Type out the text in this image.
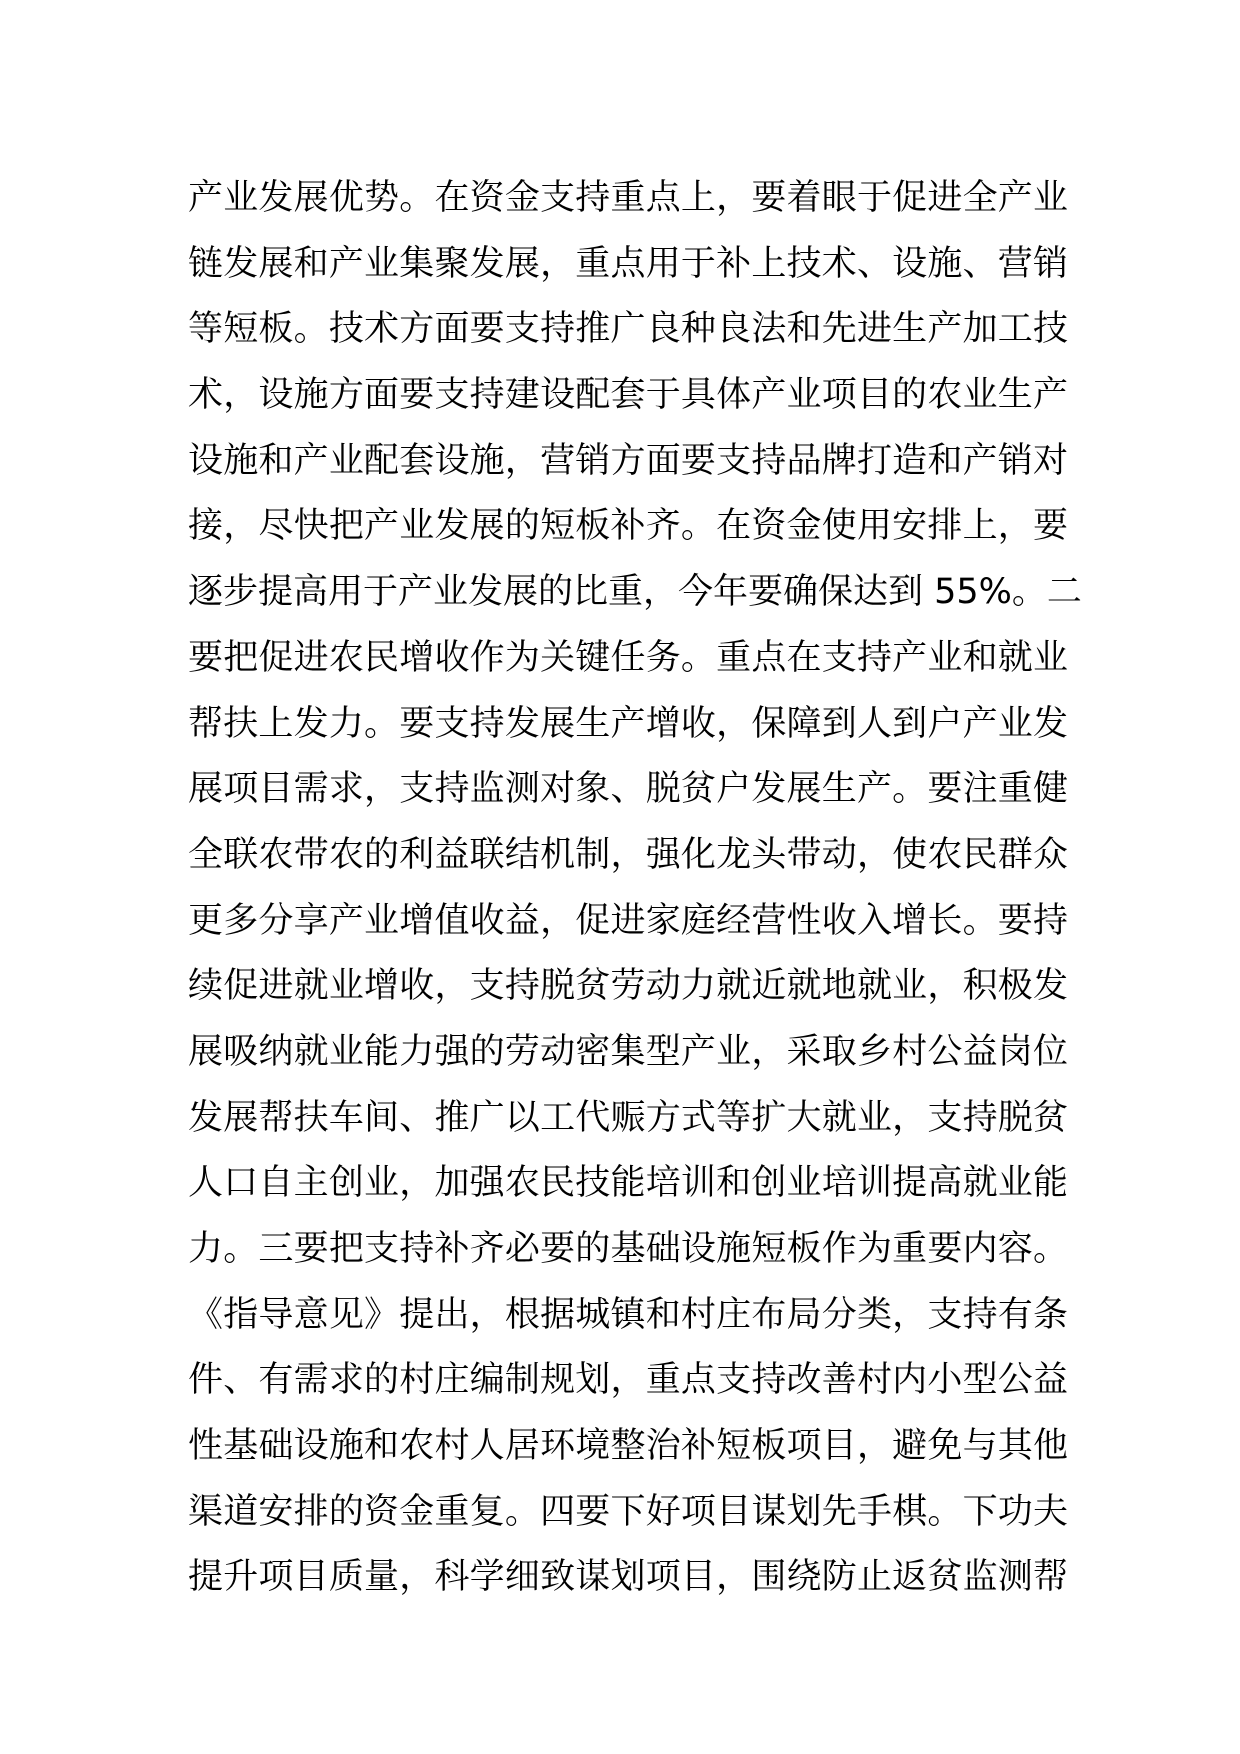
产业发展优势。在资金支持重点上，要着眼于促进全产业
链发展和产业集聚发展，重点用于补上技术、设施、营销
等短板。技术方面要支持推广良种良法和先进生产加工技
术，设施方面要支持建设配套于具体产业项目的农业生产
设施和产业配套设施，营销方面要支持品牌打造和产销对
接，尽快把产业发展的短板补齐。在资金使用安排上，要
逐步提高用于产业发展的比重，今年要确保达到 55%。二
要把促进农民增收作为关键任务。重点在支持产业和就业
帮扶上发力。要支持发展生产增收，保障到人到户产业发
展项目需求，支持监测对象、脱贫户发展生产。要注重健
全联农带农的利益联结机制，强化龙头带动，使农民群众
更多分享产业增值收益，促进家庭经营性收入增长。要持
续促进就业增收，支持脱贫劳动力就近就地就业，积极发
展吸纳就业能力强的劳动密集型产业，采取乡村公益岗位
发展帮扶车间、推广以工代赈方式等扩大就业，支持脱贫
人口自主创业，加强农民技能培训和创业培训提高就业能
力。三要把支持补齐必要的基础设施短板作为重要内容。
《指导意见》提出，根据城镇和村庄布局分类，支持有条
件、有需求的村庄编制规划，重点支持改善村内小型公益
性基础设施和农村人居环境整治补短板项目，避免与其他
渠道安排的资金重复。四要下好项目谋划先手棋。下功夫
提升项目质量，科学细致谋划项目，围绕防止返贫监测帮
